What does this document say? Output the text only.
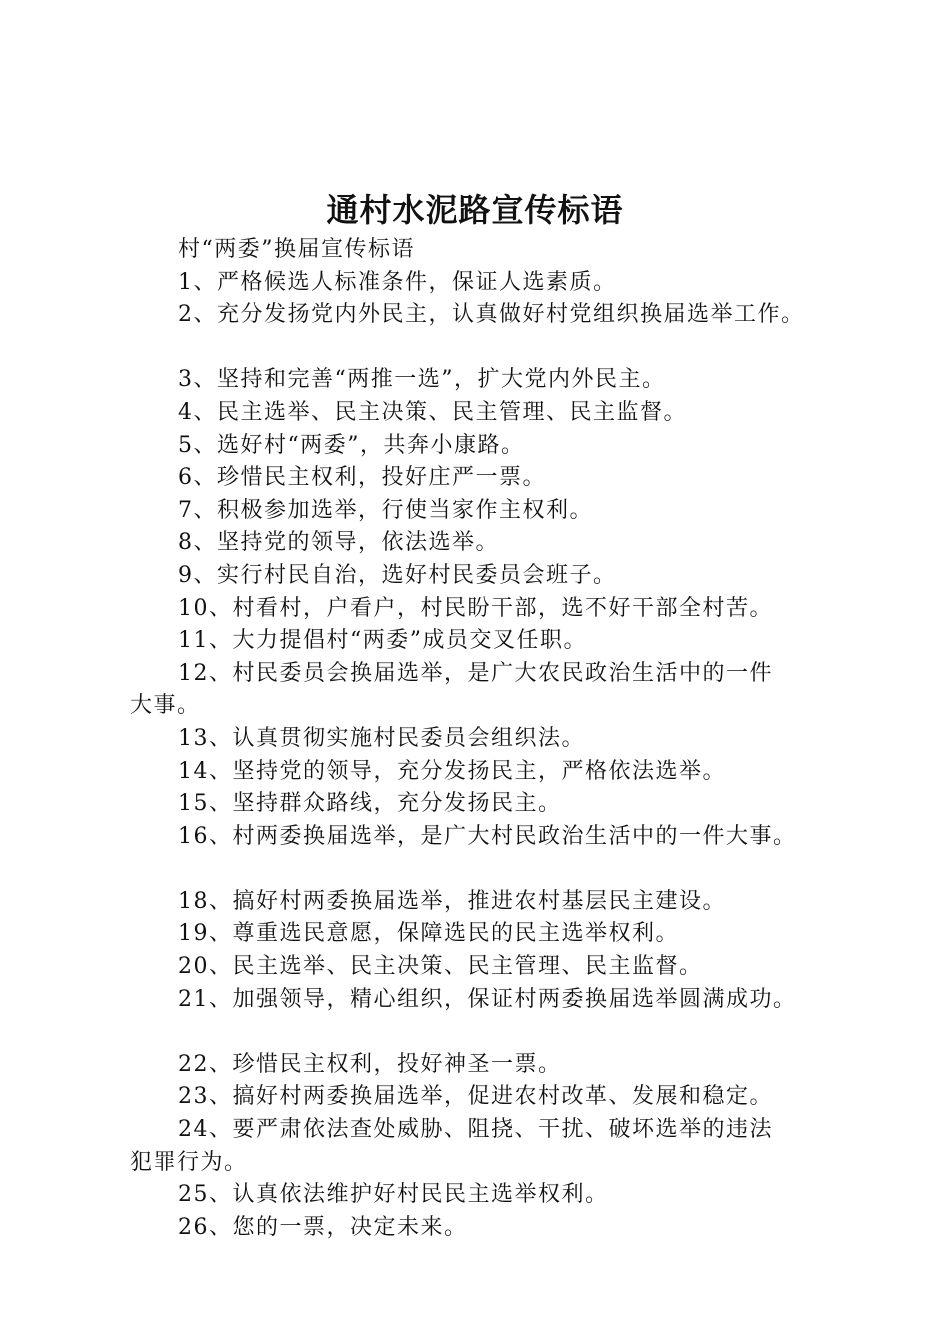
通村水泥路宣传标语
村“两委”换届宣传标语
1、严格候选人标准条件，保证人选素质。
2、充分发扬党内外民主，认真做好村党组织换届选举工作。
3、坚持和完善“两推一选”，扩大党内外民主。
4、民主选举、民主决策、民主管理、民主监督。
5、选好村“两委”，共奔小康路。
6、珍惜民主权利，投好庄严一票。
7、积极参加选举，行使当家作主权利。
8、坚持党的领导，依法选举。
9、实行村民自治，选好村民委员会班子。
10、村看村，户看户，村民盼干部，选不好干部全村苦。
11、大力提倡村“两委”成员交叉任职。
12、村民委员会换届选举，是广大农民政治生活中的一件
大事。
13、认真贯彻实施村民委员会组织法。
14、坚持党的领导，充分发扬民主，严格依法选举。
15、坚持群众路线，充分发扬民主。
16、村两委换届选举，是广大村民政治生活中的一件大事。
18、搞好村两委换届选举，推进农村基层民主建设。
19、尊重选民意愿，保障选民的民主选举权利。
20、民主选举、民主决策、民主管理、民主监督。
21、加强领导，精心组织，保证村两委换届选举圆满成功。
22、珍惜民主权利，投好神圣一票。
23、搞好村两委换届选举，促进农村改革、发展和稳定。
24、要严肃依法查处威胁、阻挠、干扰、破坏选举的违法
犯罪行为。
25、认真依法维护好村民民主选举权利。
26、您的一票，决定未来。
